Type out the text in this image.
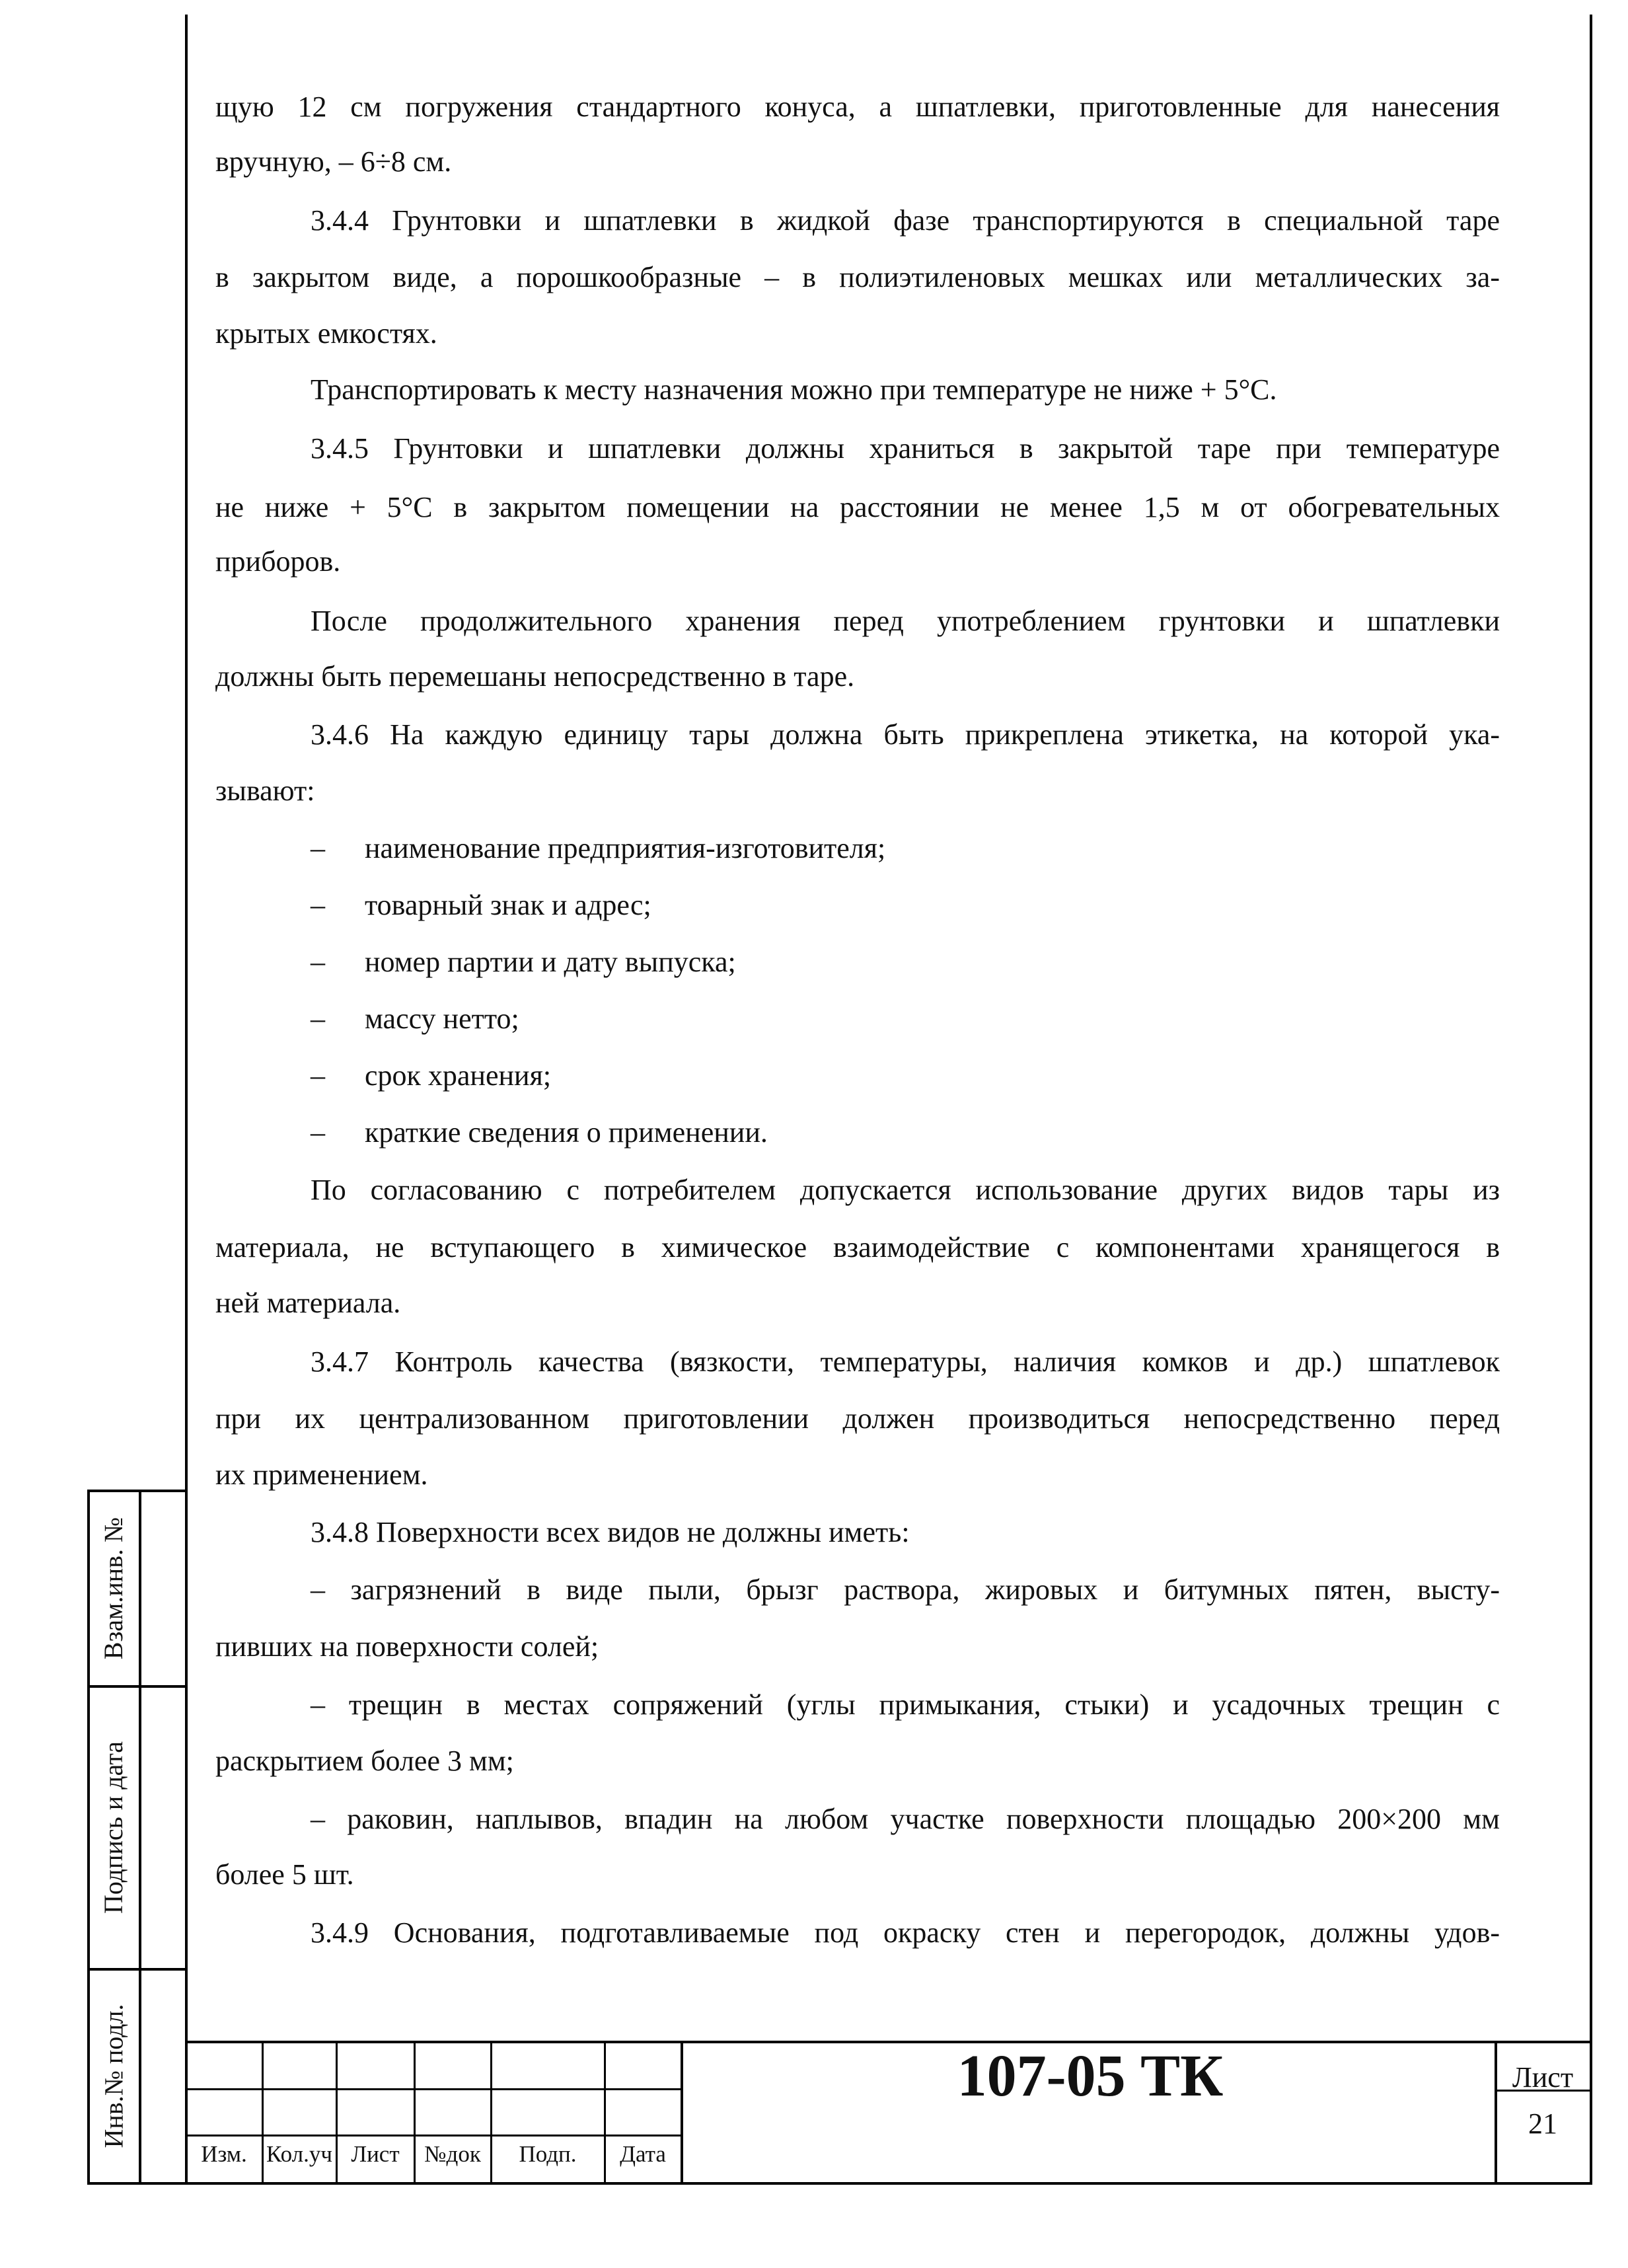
щую 12 см погружения стандартного конуса, а шпатлевки, приготовленные для нанесения
вручную, – 6÷8 см.
3.4.4 Грунтовки и шпатлевки в жидкой фазе транспортируются в специальной таре
в закрытом виде, а порошкообразные – в полиэтиленовых мешках или металлических за-
крытых емкостях.
Транспортировать к месту назначения можно при температуре не ниже + 5°С.
3.4.5 Грунтовки и шпатлевки должны храниться в закрытой таре при температуре
не ниже + 5°С в закрытом помещении на расстоянии не менее 1,5 м от обогревательных
приборов.
После продолжительного хранения перед употреблением грунтовки и шпатлевки
должны быть перемешаны непосредственно в таре.
3.4.6 На каждую единицу тары должна быть прикреплена этикетка, на которой ука-
зывают:
– наименование предприятия-изготовителя;
– товарный знак и адрес;
– номер партии и дату выпуска;
– массу нетто;
– срок хранения;
– краткие сведения о применении.
По согласованию с потребителем допускается использование других видов тары из
материала, не вступающего в химическое взаимодействие с компонентами хранящегося в
ней материала.
3.4.7 Контроль качества (вязкости, температуры, наличия комков и др.) шпатлевок
при их централизованном приготовлении должен производиться непосредственно перед
их применением.
3.4.8 Поверхности всех видов не должны иметь:
– загрязнений в виде пыли, брызг раствора, жировых и битумных пятен, высту-
пивших на поверхности солей;
– трещин в местах сопряжений (углы примыкания, стыки) и усадочных трещин с
раскрытием более 3 мм;
– раковин, наплывов, впадин на любом участке поверхности площадью 200×200 мм
более 5 шт.
3.4.9 Основания, подготавливаемые под окраску стен и перегородок, должны удов-
Взам.инв. №
Подпись и дата
Инв.№ подл.
Изм. Кол.уч Лист	№док	Подп.	Дата
107-05 ТК	Лист
21
